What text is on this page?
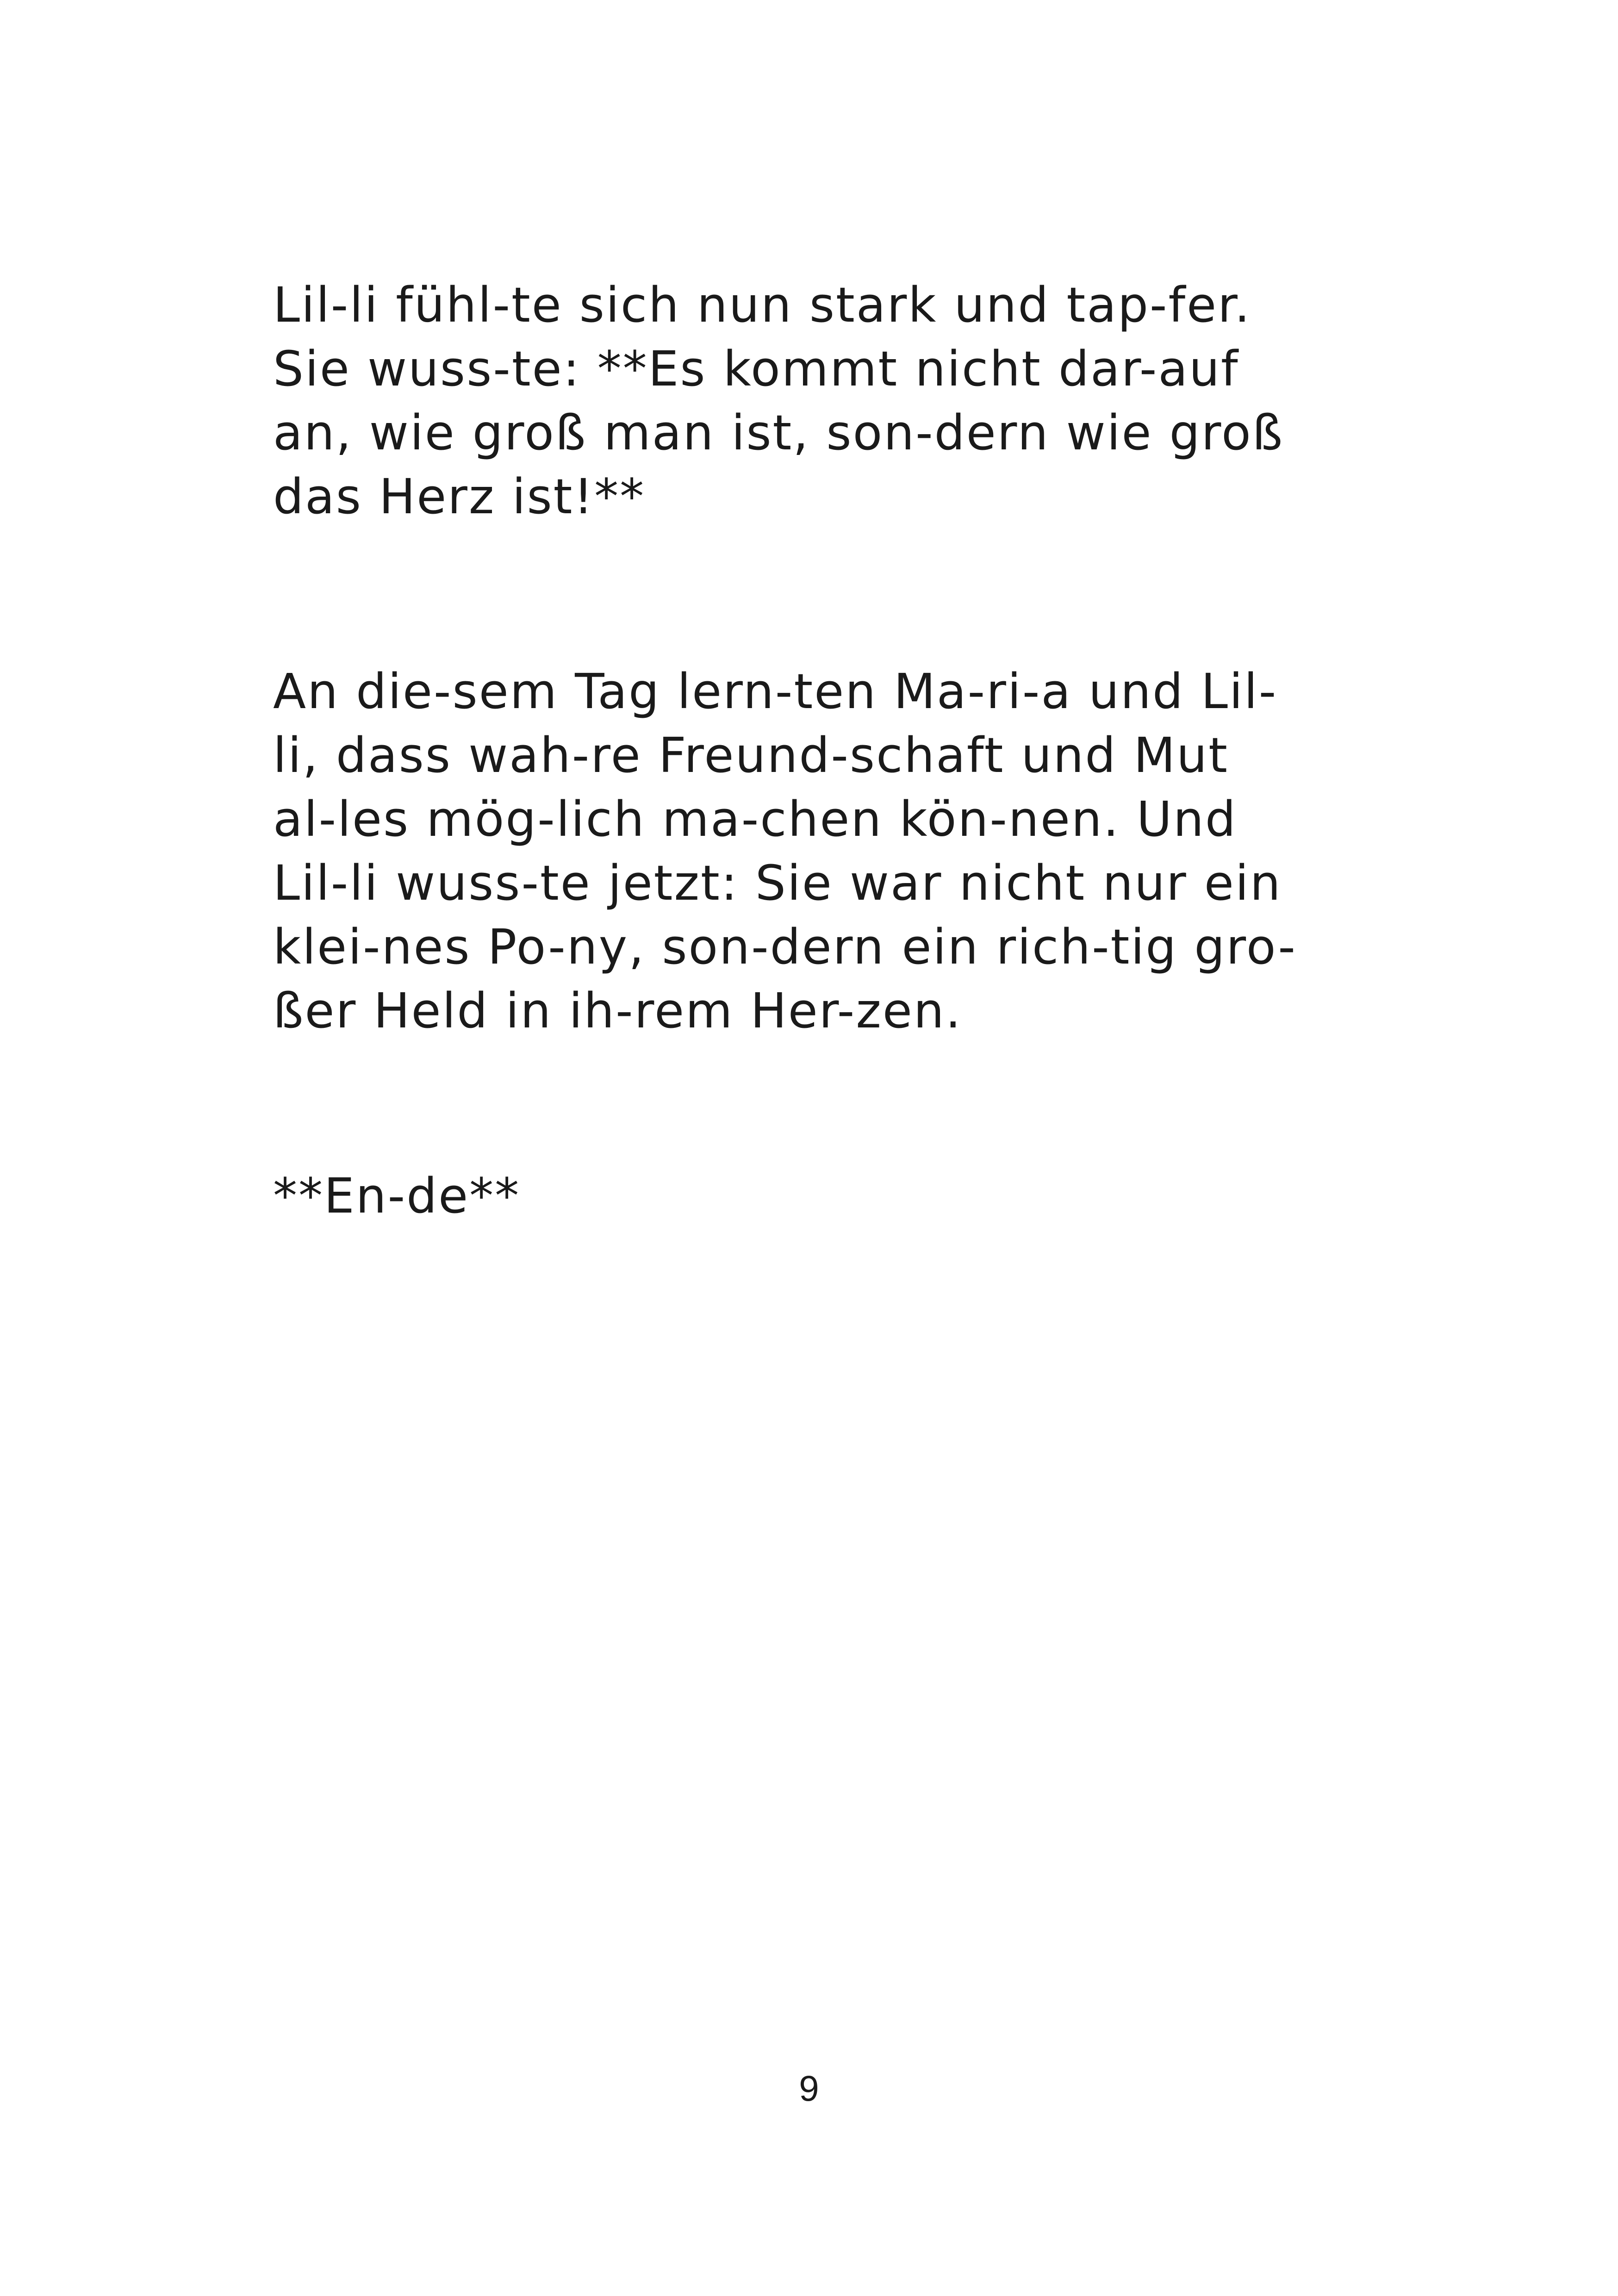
Lil-li fühl-te sich nun stark und tap-fer.
Sie wuss-te: **Es kommt nicht dar-auf
an, wie groß man ist, son-dern wie groß
das Herz ist!**
An die-sem Tag lern-ten Ma-ri-a und Lil-
li, dass wah-re Freund-schaft und Mut
al-les mög-lich ma-chen kön-nen. Und
Lil-li wuss-te jetzt: Sie war nicht nur ein
klei-nes Po-ny, son-dern ein rich-tig gro-
ßer Held in ih-rem Her-zen.
**En-de**
9
